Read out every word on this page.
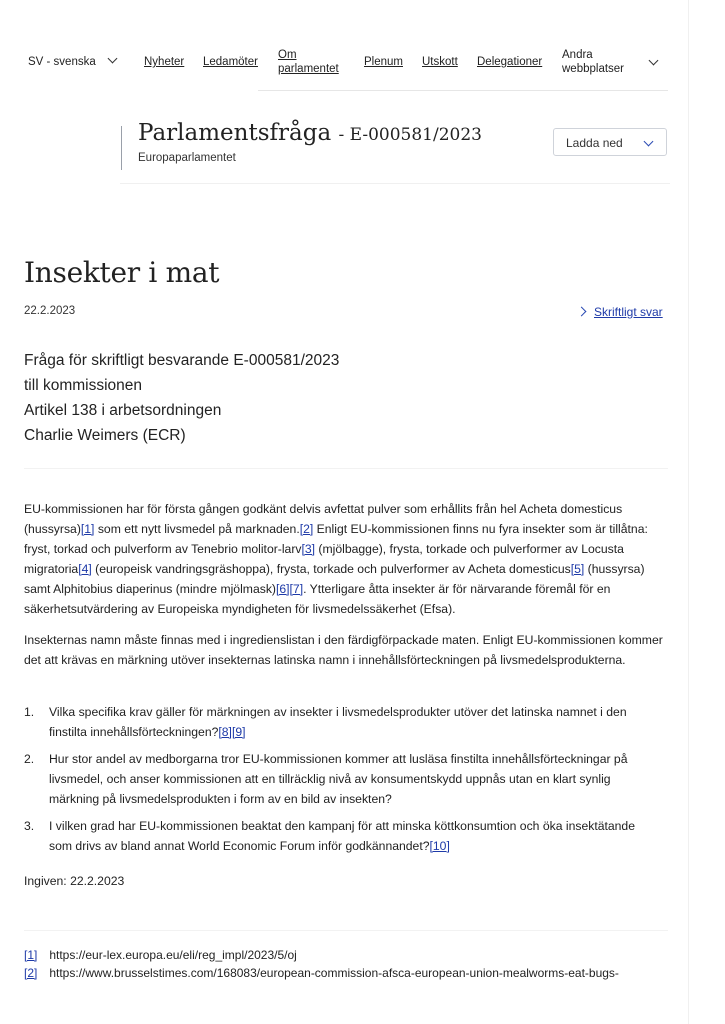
SV - svenska	Nyheter Ledamöter
Om
parlamentet
Plenum Utskott Delegationer
Andra
webbplatser
Parlamentsfråga - E-000581/2023
Europaparlamentet
Ladda ned
Insekter i mat
22.2.2023	Skriftligt svar
Fråga för skriftligt besvarande E-000581/2023
till kommissionen
Artikel 138 i arbetsordningen
Charlie Weimers (ECR)

EU-kommissionen har för första gången godkänt delvis avfettat pulver som erhållits från hel Acheta domesticus (hussyrsa)[1] som ett nytt livsmedel på marknaden.[2] Enligt EU-kommissionen finns nu fyra insekter som är tillåtna: fryst, torkad och pulverform av Tenebrio molitor-larv[3] (mjölbagge), frysta, torkade och pulverformer av Locusta migratoria[4] (europeisk vandringsgräshoppa), frysta, torkade och pulverformer av Acheta domesticus[5] (hussyrsa) samt Alphitobius diaperinus (mindre mjölmask)[6][7]. Ytterligare åtta insekter är för närvarande föremål för en säkerhetsutvärdering av Europeiska myndigheten för livsmedelssäkerhet (Efsa).

Insekternas namn måste finnas med i ingredienslistan i den färdigförpackade maten. Enligt EU-kommissionen kommer det att krävas en märkning utöver insekternas latinska namn i innehållsförteckningen på livsmedelsprodukterna.

1. Vilka specifika krav gäller för märkningen av insekter i livsmedelsprodukter utöver det latinska namnet i den finstilta innehållsförteckningen?[8][9]
2. Hur stor andel av medborgarna tror EU-kommissionen kommer att lusläsa finstilta innehållsförteckningar på livsmedel, och anser kommissionen att en tillräcklig nivå av konsumentskydd uppnås utan en klart synlig märkning på livsmedelsprodukten i form av en bild av insekten?
3. I vilken grad har EU-kommissionen beaktat den kampanj för att minska köttkonsumtion och öka insektätande som drivs av bland annat World Economic Forum inför godkännandet?[10]
Ingiven: 22.2.2023
[1] https://eur-lex.europa.eu/eli/reg_impl/2023/5/oj
[2] https://www.brusselstimes.com/168083/european-commission-afsca-european-union-mealworms-eat-bugs-
